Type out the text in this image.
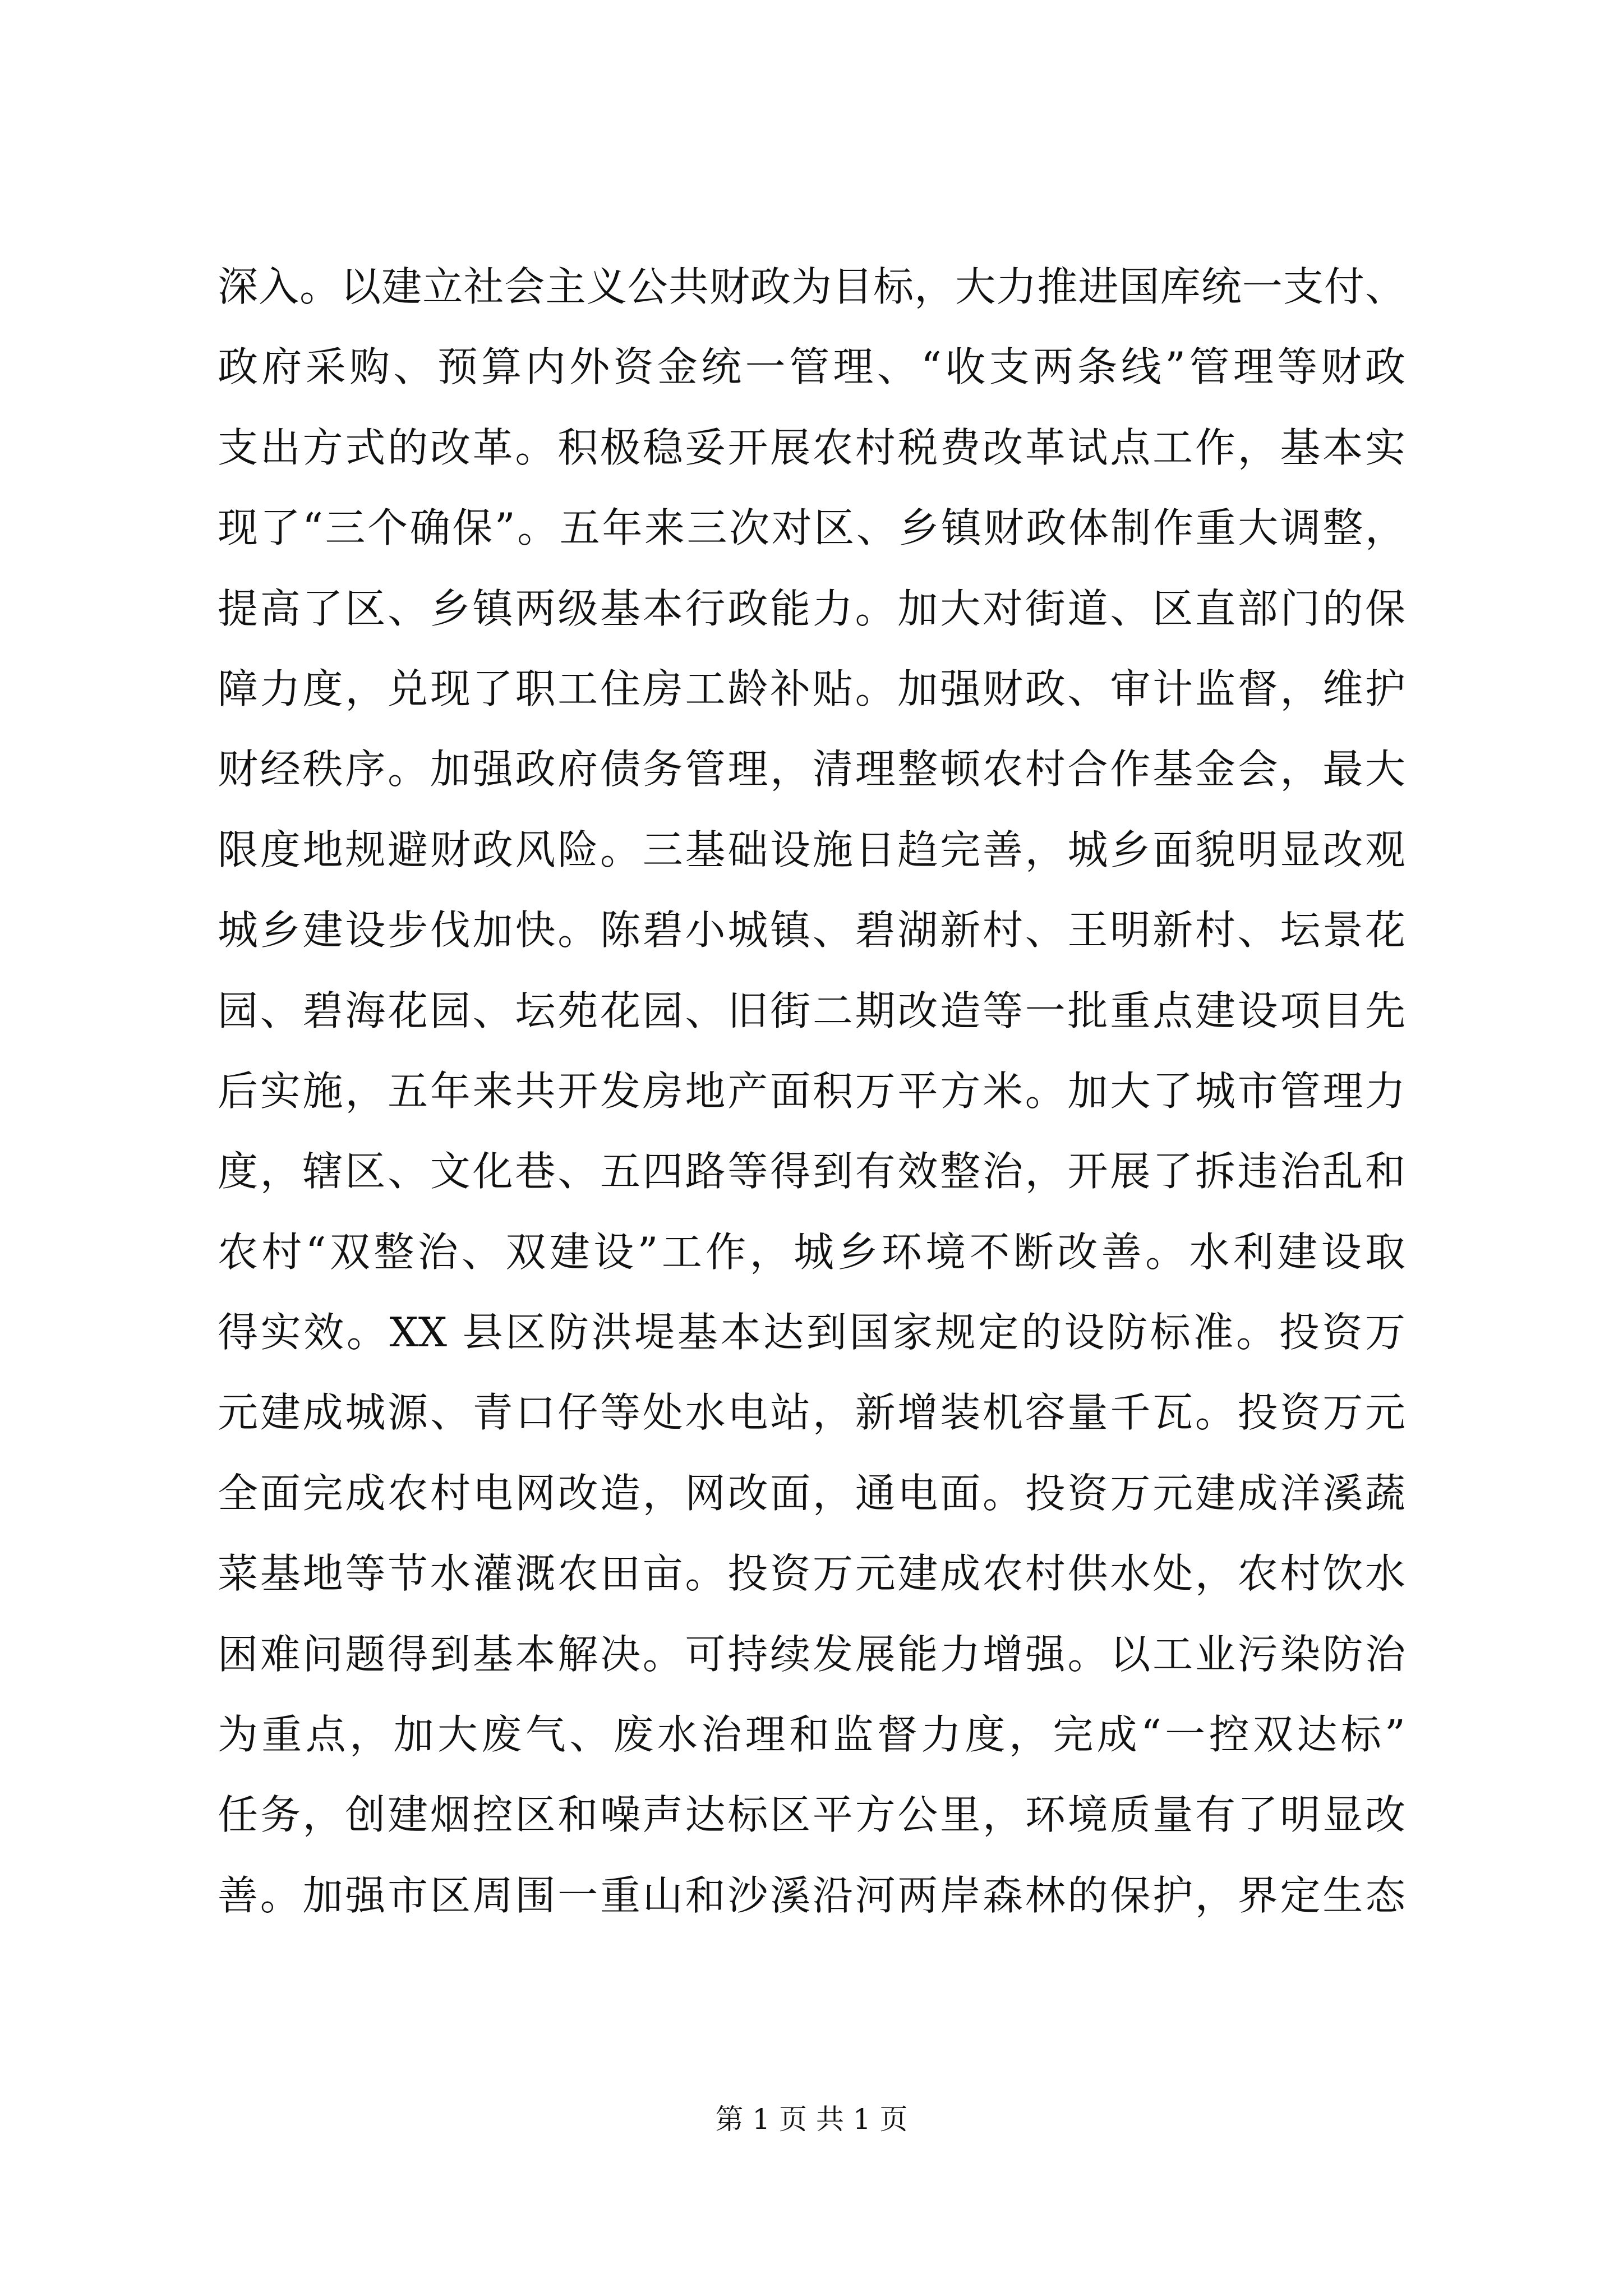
深入。以建立社会主义公共财政为目标，大力推进国库统一支付、
政府采购、预算内外资金统一管理、“收支两条线”管理等财政
支出方式的改革。积极稳妥开展农村税费改革试点工作，基本实
现了“三个确保”。五年来三次对区、乡镇财政体制作重大调整，
提高了区、乡镇两级基本行政能力。加大对街道、区直部门的保
障力度，兑现了职工住房工龄补贴。加强财政、审计监督，维护
财经秩序。加强政府债务管理，清理整顿农村合作基金会，最大
限度地规避财政风险。三基础设施日趋完善，城乡面貌明显改观
城乡建设步伐加快。陈碧小城镇、碧湖新村、王明新村、坛景花
园、碧海花园、坛苑花园、旧街二期改造等一批重点建设项目先
后实施，五年来共开发房地产面积万平方米。加大了城市管理力
度，辖区、文化巷、五四路等得到有效整治，开展了拆违治乱和
农村“双整治、双建设”工作，城乡环境不断改善。水利建设取
得实效。XX 县区防洪堤基本达到国家规定的设防标准。投资万
元建成城源、青口仔等处水电站，新增装机容量千瓦。投资万元
全面完成农村电网改造，网改面，通电面。投资万元建成洋溪蔬
菜基地等节水灌溉农田亩。投资万元建成农村供水处，农村饮水
困难问题得到基本解决。可持续发展能力增强。以工业污染防治
为重点，加大废气、废水治理和监督力度，完成“一控双达标”
任务，创建烟控区和噪声达标区平方公里，环境质量有了明显改
善。加强市区周围一重山和沙溪沿河两岸森林的保护，界定生态
第 1 页 共 1 页
